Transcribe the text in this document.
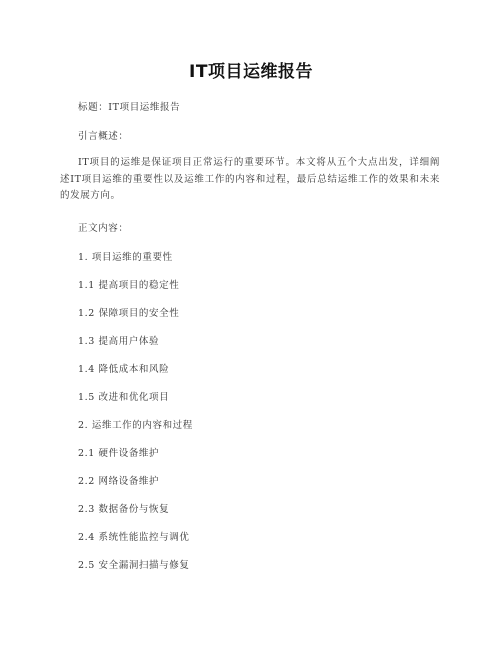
IT项目运维报告
标题：IT项目运维报告
引言概述：
IT项目的运维是保证项目正常运行的重要环节。本文将从五个大点出发，详细阐述IT项目运维的重要性以及运维工作的内容和过程，最后总结运维工作的效果和未来的发展方向。
正文内容：
1. 项目运维的重要性
1.1 提高项目的稳定性
1.2 保障项目的安全性
1.3 提高用户体验
1.4 降低成本和风险
1.5 改进和优化项目
2. 运维工作的内容和过程
2.1 硬件设备维护
2.2 网络设备维护
2.3 数据备份与恢复
2.4 系统性能监控与调优
2.5 安全漏洞扫描与修复
